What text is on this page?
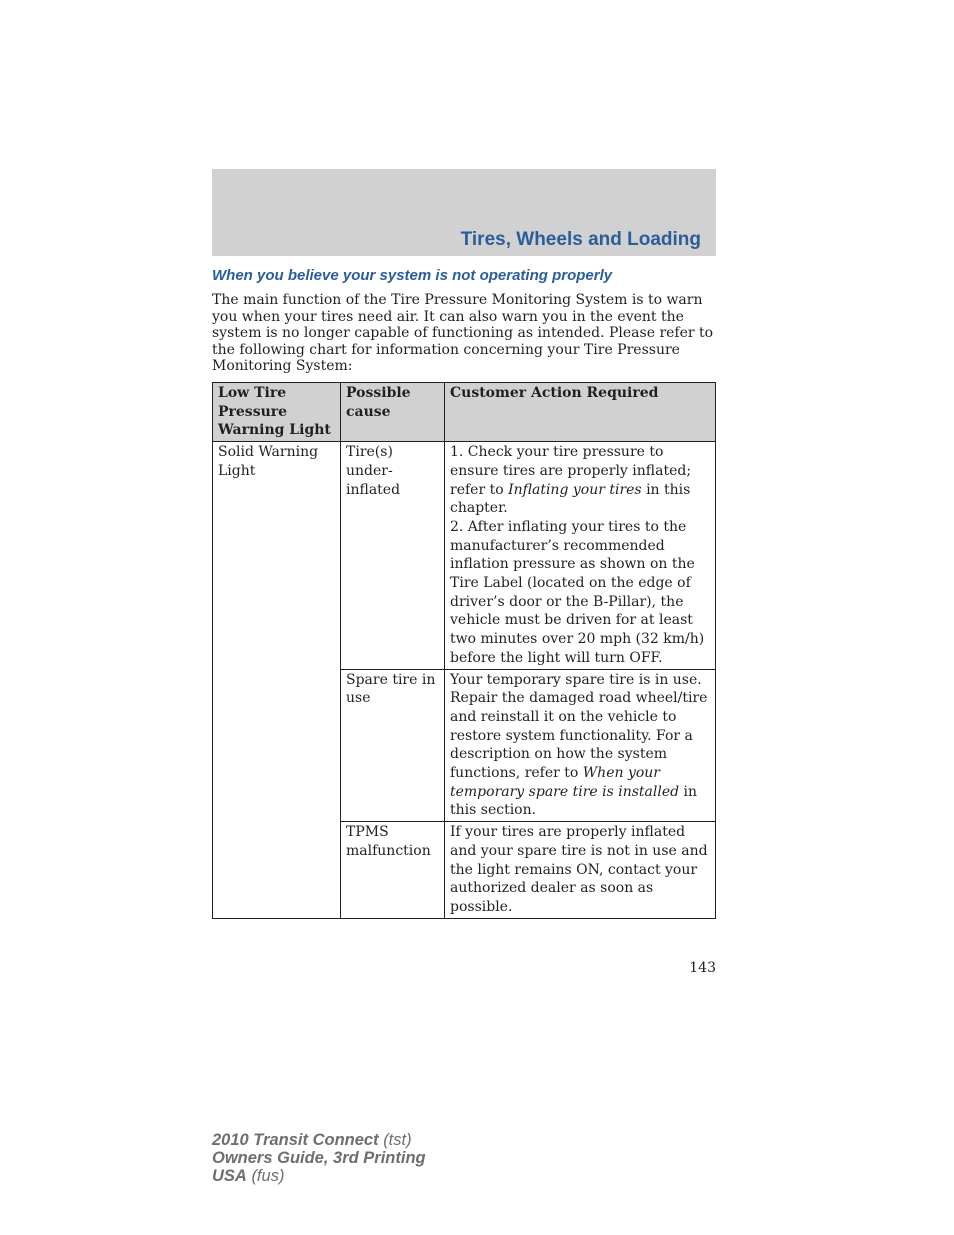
Tires, Wheels and Loading
When you believe your system is not operating properly

The main function of the Tire Pressure Monitoring System is to warn you when your tires need air. It can also warn you in the event the system is no longer capable of functioning as intended. Please refer to the following chart for information concerning your Tire Pressure Monitoring System:

Low Tire Pressure Warning Light	Possible cause	Customer Action Required
Solid Warning Light	Tire(s) under-inflated	1. Check your tire pressure to ensure tires are properly inflated; refer to Inflating your tires in this chapter.
2. After inflating your tires to the manufacturer’s recommended inflation pressure as shown on the Tire Label (located on the edge of driver’s door or the B-Pillar), the vehicle must be driven for at least two minutes over 20 mph (32 km/h) before the light will turn OFF.
	Spare tire in use	Your temporary spare tire is in use. Repair the damaged road wheel/tire and reinstall it on the vehicle to restore system functionality. For a description on how the system functions, refer to When your temporary spare tire is installed in this section.
	TPMS malfunction	If your tires are properly inflated and your spare tire is not in use and the light remains ON, contact your authorized dealer as soon as possible.
143
2010 Transit Connect (tst)
Owners Guide, 3rd Printing
USA (fus)
